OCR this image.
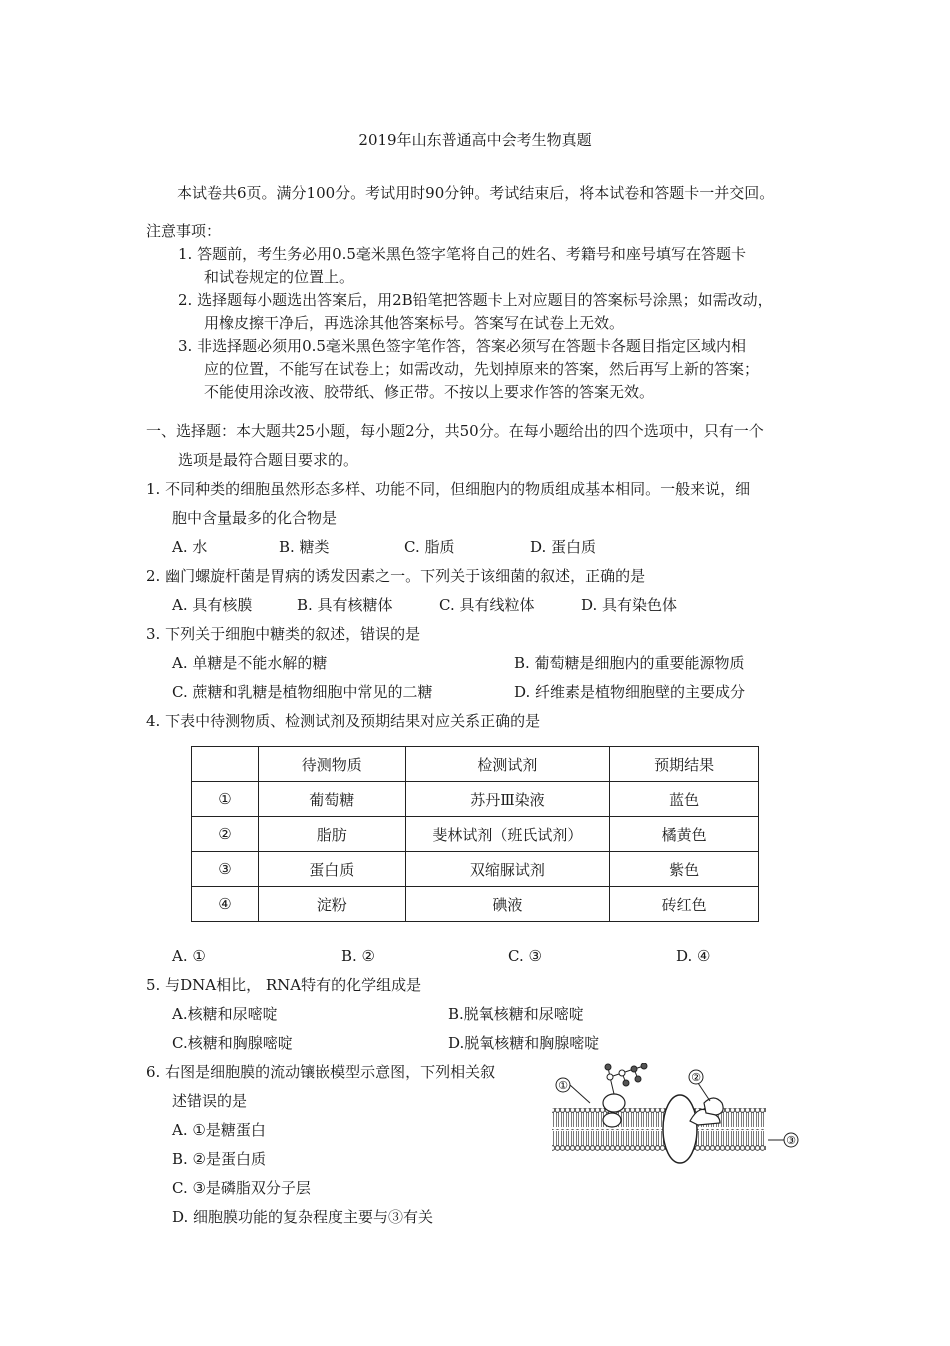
2019年山东普通高中会考生物真题
本试卷共6页。满分100分。考试用时90分钟。考试结束后，将本试卷和答题卡一并交回。
注意事项：
1. 答题前，考生务必用0.5毫米黑色签字笔将自己的姓名、考籍号和座号填写在答题卡
和试卷规定的位置上。
2. 选择题每小题选出答案后，用2B铅笔把答题卡上对应题目的答案标号涂黑；如需改动，
用橡皮擦干净后，再选涂其他答案标号。答案写在试卷上无效。
3. 非选择题必须用0.5毫米黑色签字笔作答，答案必须写在答题卡各题目指定区域内相
应的位置，不能写在试卷上；如需改动，先划掉原来的答案，然后再写上新的答案；
不能使用涂改液、胶带纸、修正带。不按以上要求作答的答案无效。
一、选择题：本大题共25小题，每小题2分，共50分。在每小题给出的四个选项中，只有一个
选项是最符合题目要求的。
1. 不同种类的细胞虽然形态多样、功能不同，但细胞内的物质组成基本相同。一般来说，细
胞中含量最多的化合物是
A. 水	B. 糖类	C. 脂质	D. 蛋白质
2. 幽门螺旋杆菌是胃病的诱发因素之一。下列关于该细菌的叙述，正确的是
A. 具有核膜	B. 具有核糖体	C. 具有线粒体	D. 具有染色体
3. 下列关于细胞中糖类的叙述，错误的是
A. 单糖是不能水解的糖	B. 葡萄糖是细胞内的重要能源物质
C. 蔗糖和乳糖是植物细胞中常见的二糖	D. 纤维素是植物细胞壁的主要成分
4. 下表中待测物质、检测试剂及预期结果对应关系正确的是
	待测物质	检测试剂	预期结果
①	葡萄糖	苏丹Ⅲ染液	蓝色
②	脂肪	斐林试剂（班氏试剂）	橘黄色
③	蛋白质	双缩脲试剂	紫色
④	淀粉	碘液	砖红色
A. ①	B. ②	C. ③	D. ④
5. 与DNA相比， RNA特有的化学组成是
A.核糖和尿嘧啶	B.脱氧核糖和尿嘧啶
C.核糖和胸腺嘧啶	D.脱氧核糖和胸腺嘧啶
6. 右图是细胞膜的流动镶嵌模型示意图，下列相关叙
述错误的是
A. ①是糖蛋白
B. ②是蛋白质
C. ③是磷脂双分子层
D. 细胞膜功能的复杂程度主要与③有关
①
②
③
